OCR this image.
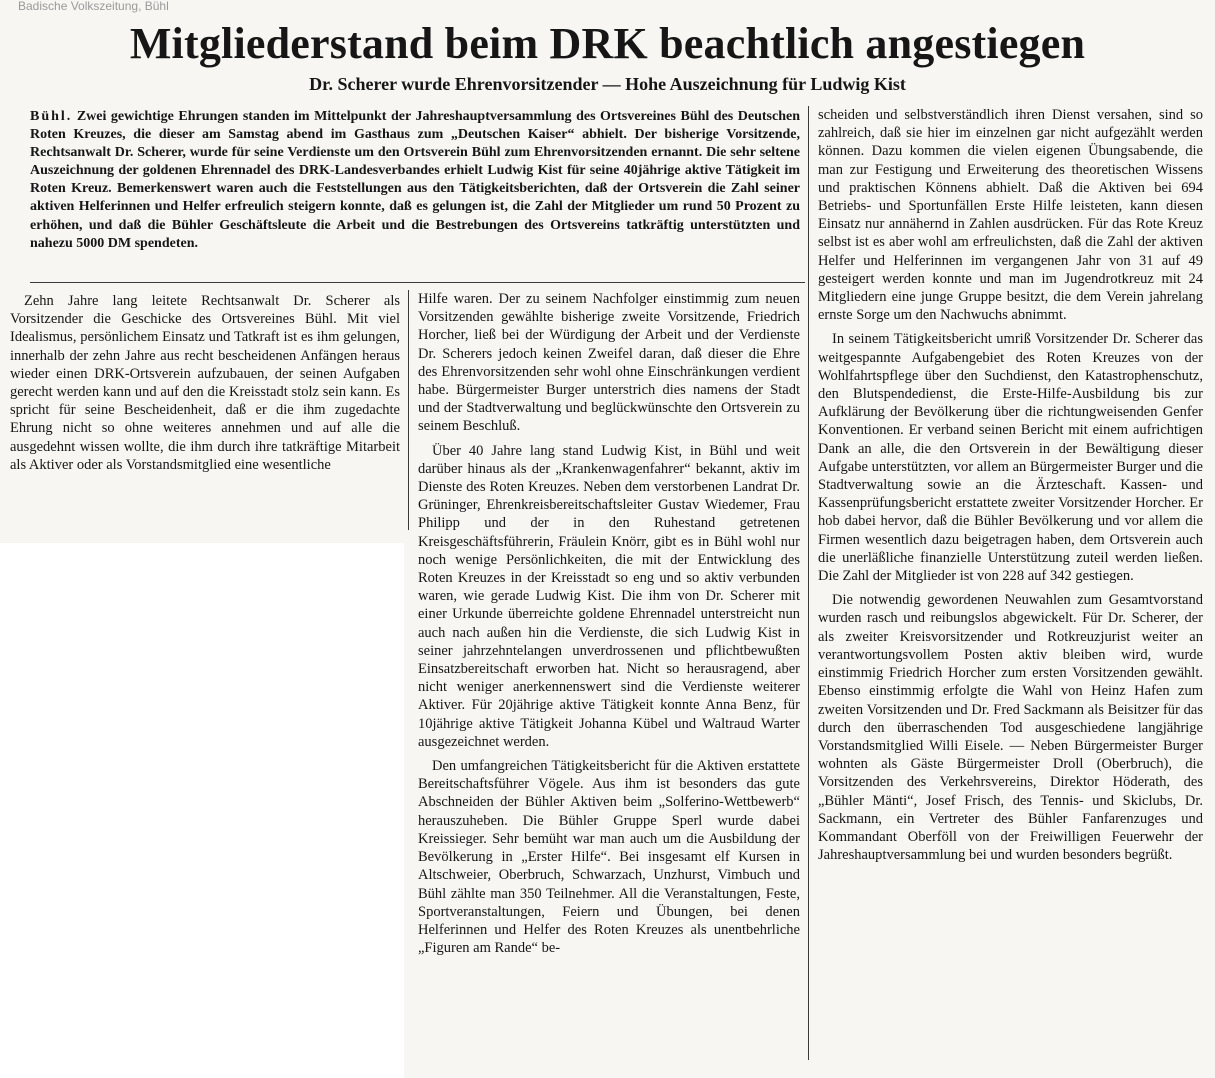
Badische Volkszeitung, Bühl
Mitgliederstand beim DRK beachtlich angestiegen
Dr. Scherer wurde Ehrenvorsitzender — Hohe Auszeichnung für Ludwig Kist

Bühl. Zwei gewichtige Ehrungen standen im Mittelpunkt der Jahreshauptversammlung des Ortsvereines Bühl des Deutschen Roten Kreuzes, die dieser am Samstag abend im Gasthaus zum „Deutschen Kaiser“ abhielt. Der bisherige Vorsitzende, Rechtsanwalt Dr. Scherer, wurde für seine Verdienste um den Ortsverein Bühl zum Ehrenvorsitzenden ernannt. Die sehr seltene Auszeichnung der goldenen Ehrennadel des DRK-Landesverbandes erhielt Ludwig Kist für seine 40jährige aktive Tätigkeit im Roten Kreuz. Bemerkenswert waren auch die Feststellungen aus den Tätigkeitsberichten, daß der Ortsverein die Zahl seiner aktiven Helferinnen und Helfer erfreulich steigern konnte, daß es gelungen ist, die Zahl der Mitglieder um rund 50 Prozent zu erhöhen, und daß die Bühler Geschäftsleute die Arbeit und die Bestrebungen des Ortsvereins tatkräftig unterstützten und nahezu 5000 DM spendeten.

Zehn Jahre lang leitete Rechtsanwalt Dr. Scherer als Vorsitzender die Geschicke des Ortsvereines Bühl. Mit viel Idealismus, persönlichem Einsatz und Tatkraft ist es ihm gelungen, innerhalb der zehn Jahre aus recht bescheidenen Anfängen heraus wieder einen DRK-Ortsverein aufzubauen, der seinen Aufgaben gerecht werden kann und auf den die Kreisstadt stolz sein kann. Es spricht für seine Bescheidenheit, daß er die ihm zugedachte Ehrung nicht so ohne weiteres annehmen und auf alle die ausgedehnt wissen wollte, die ihm durch ihre tatkräftige Mitarbeit als Aktiver oder als Vorstandsmitglied eine wesentliche

Hilfe waren. Der zu seinem Nachfolger einstimmig zum neuen Vorsitzenden gewählte bisherige zweite Vorsitzende, Friedrich Horcher, ließ bei der Würdigung der Arbeit und der Verdienste Dr. Scherers jedoch keinen Zweifel daran, daß dieser die Ehre des Ehrenvorsitzenden sehr wohl ohne Einschränkungen verdient habe. Bürgermeister Burger unterstrich dies namens der Stadt und der Stadtverwaltung und beglückwünschte den Ortsverein zu seinem Beschluß.

Über 40 Jahre lang stand Ludwig Kist, in Bühl und weit darüber hinaus als der „Krankenwagenfahrer“ bekannt, aktiv im Dienste des Roten Kreuzes. Neben dem verstorbenen Landrat Dr. Grüninger, Ehrenkreisbereitschaftsleiter Gustav Wiedemer, Frau Philipp und der in den Ruhestand getretenen Kreisgeschäftsführerin, Fräulein Knörr, gibt es in Bühl wohl nur noch wenige Persönlichkeiten, die mit der Entwicklung des Roten Kreuzes in der Kreisstadt so eng und so aktiv verbunden waren, wie gerade Ludwig Kist. Die ihm von Dr. Scherer mit einer Urkunde überreichte goldene Ehrennadel unterstreicht nun auch nach außen hin die Verdienste, die sich Ludwig Kist in seiner jahrzehntelangen unverdrossenen und pflichtbewußten Einsatzbereitschaft erworben hat. Nicht so herausragend, aber nicht weniger anerkennenswert sind die Verdienste weiterer Aktiver. Für 20jährige aktive Tätigkeit konnte Anna Benz, für 10jährige aktive Tätigkeit Johanna Kübel und Waltraud Warter ausgezeichnet werden.

Den umfangreichen Tätigkeitsbericht für die Aktiven erstattete Bereitschaftsführer Vögele. Aus ihm ist besonders das gute Abschneiden der Bühler Aktiven beim „Solferino-Wettbewerb“ herauszuheben. Die Bühler Gruppe Sperl wurde dabei Kreissieger. Sehr bemüht war man auch um die Ausbildung der Bevölkerung in „Erster Hilfe“. Bei insgesamt elf Kursen in Altschweier, Oberbruch, Schwarzach, Unzhurst, Vimbuch und Bühl zählte man 350 Teilnehmer. All die Veranstaltungen, Feste, Sportveranstaltungen, Feiern und Übungen, bei denen Helferinnen und Helfer des Roten Kreuzes als unentbehrliche „Figuren am Rande“ be-

scheiden und selbstverständlich ihren Dienst versahen, sind so zahlreich, daß sie hier im einzelnen gar nicht aufgezählt werden können. Dazu kommen die vielen eigenen Übungsabende, die man zur Festigung und Erweiterung des theoretischen Wissens und praktischen Könnens abhielt. Daß die Aktiven bei 694 Betriebs- und Sportunfällen Erste Hilfe leisteten, kann diesen Einsatz nur annähernd in Zahlen ausdrücken. Für das Rote Kreuz selbst ist es aber wohl am erfreulichsten, daß die Zahl der aktiven Helfer und Helferinnen im vergangenen Jahr von 31 auf 49 gesteigert werden konnte und man im Jugendrotkreuz mit 24 Mitgliedern eine junge Gruppe besitzt, die dem Verein jahrelang ernste Sorge um den Nachwuchs abnimmt.

In seinem Tätigkeitsbericht umriß Vorsitzender Dr. Scherer das weitgespannte Aufgabengebiet des Roten Kreuzes von der Wohlfahrtspflege über den Suchdienst, den Katastrophenschutz, den Blutspendedienst, die Erste-Hilfe-Ausbildung bis zur Aufklärung der Bevölkerung über die richtungweisenden Genfer Konventionen. Er verband seinen Bericht mit einem aufrichtigen Dank an alle, die den Ortsverein in der Bewältigung dieser Aufgabe unterstützten, vor allem an Bürgermeister Burger und die Stadtverwaltung sowie an die Ärzteschaft. Kassen- und Kassenprüfungsbericht erstattete zweiter Vorsitzender Horcher. Er hob dabei hervor, daß die Bühler Bevölkerung und vor allem die Firmen wesentlich dazu beigetragen haben, dem Ortsverein auch die unerläßliche finanzielle Unterstützung zuteil werden ließen. Die Zahl der Mitglieder ist von 228 auf 342 gestiegen.

Die notwendig gewordenen Neuwahlen zum Gesamtvorstand wurden rasch und reibungslos abgewickelt. Für Dr. Scherer, der als zweiter Kreisvorsitzender und Rotkreuzjurist weiter an verantwortungsvollem Posten aktiv bleiben wird, wurde einstimmig Friedrich Horcher zum ersten Vorsitzenden gewählt. Ebenso einstimmig erfolgte die Wahl von Heinz Hafen zum zweiten Vorsitzenden und Dr. Fred Sackmann als Beisitzer für das durch den überraschenden Tod ausgeschiedene langjährige Vorstandsmitglied Willi Eisele. — Neben Bürgermeister Burger wohnten als Gäste Bürgermeister Droll (Oberbruch), die Vorsitzenden des Verkehrsvereins, Direktor Höderath, des „Bühler Mänti“, Josef Frisch, des Tennis- und Skiclubs, Dr. Sackmann, ein Vertreter des Bühler Fanfarenzuges und Kommandant Oberföll von der Freiwilligen Feuerwehr der Jahreshauptversammlung bei und wurden besonders begrüßt.
